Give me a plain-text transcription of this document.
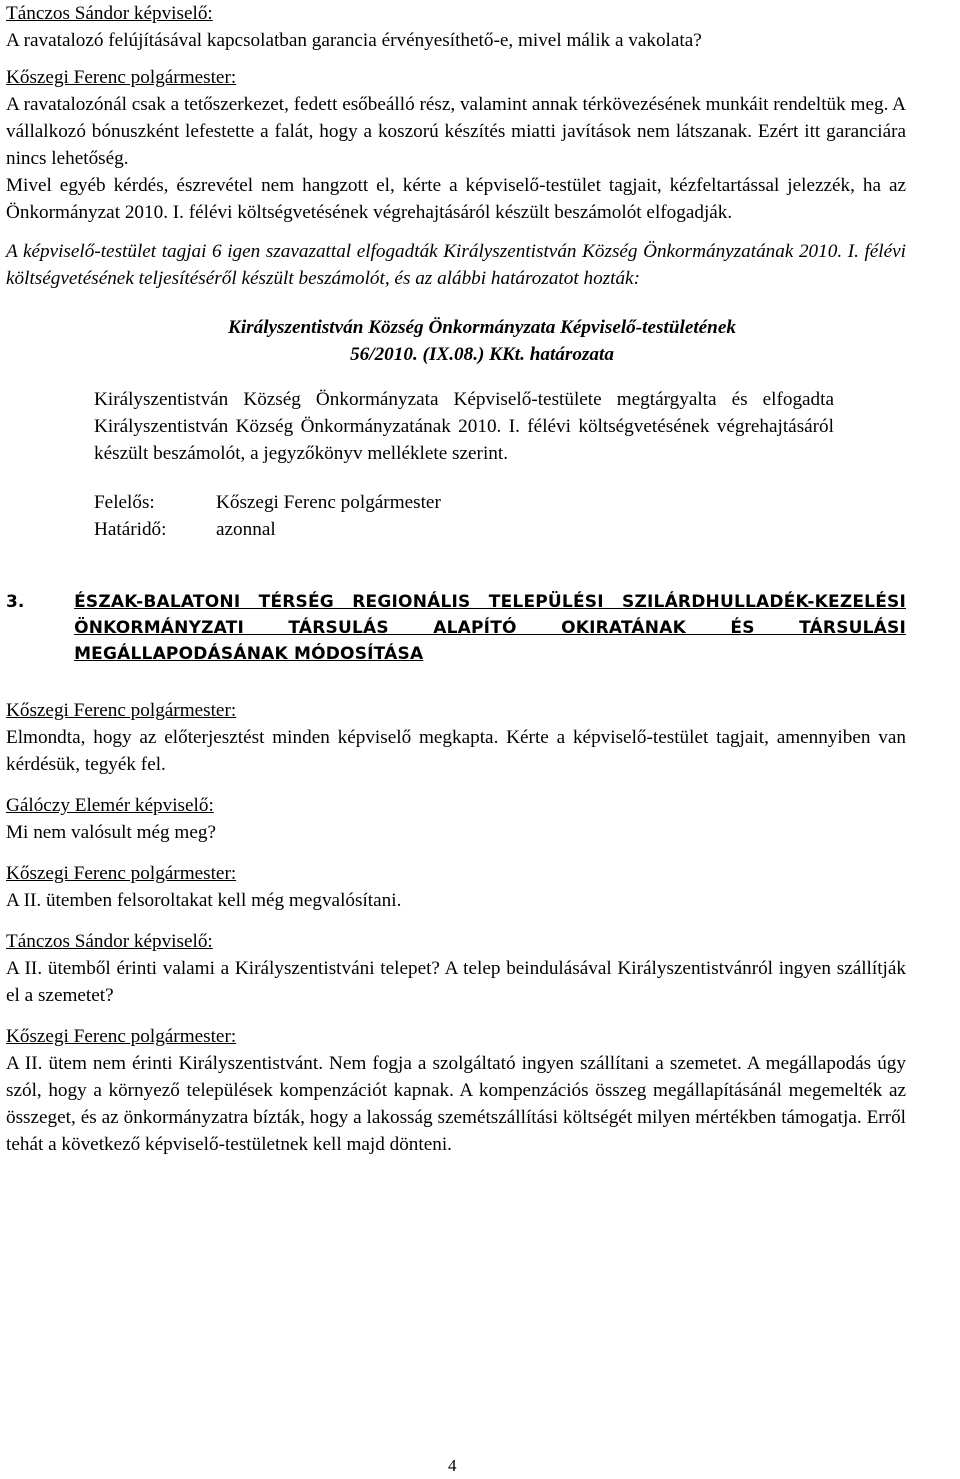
Tánczos Sándor képviselő:

A ravatalozó felújításával kapcsolatban garancia érvényesíthető-e, mivel málik a vakolata?

Kőszegi Ferenc polgármester:

A ravatalozónál csak a tetőszerkezet, fedett esőbeálló rész, valamint annak térkövezésének munkáit rendeltük meg. A vállalkozó bónuszként lefestette a falát, hogy a koszorú készítés miatti javítások nem látszanak. Ezért itt garanciára nincs lehetőség.

Mivel egyéb kérdés, észrevétel nem hangzott el, kérte a képviselő-testület tagjait, kézfeltartással jelezzék, ha az Önkormányzat 2010. I. félévi költségvetésének végrehajtásáról készült beszámolót elfogadják.

A képviselő-testület tagjai 6 igen szavazattal elfogadták Királyszentistván Község Önkormányzatának 2010. I. félévi költségvetésének teljesítéséről készült beszámolót, és az alábbi határozatot hozták:

Királyszentistván Község Önkormányzata Képviselő-testületének
56/2010. (IX.08.) KKt. határozata

Királyszentistván Község Önkormányzata Képviselő-testülete megtárgyalta és elfogadta Királyszentistván Község Önkormányzatának 2010. I. félévi költségvetésének végrehajtásáról készült beszámolót, a jegyzőkönyv melléklete szerint.

Felelős:	Kőszegi Ferenc polgármester
Határidő:	azonnal
3.	ÉSZAK-BALATONI TÉRSÉG REGIONÁLIS TELEPÜLÉSI SZILÁRDHULLADÉK-KEZELÉSI ÖNKORMÁNYZATI TÁRSULÁS ALAPÍTÓ OKIRATÁNAK ÉS TÁRSULÁSI MEGÁLLAPODÁSÁNAK MÓDOSÍTÁSA
Kőszegi Ferenc polgármester:

Elmondta, hogy az előterjesztést minden képviselő megkapta. Kérte a képviselő-testület tagjait, amennyiben van kérdésük, tegyék fel.

Gálóczy Elemér képviselő:

Mi nem valósult még meg?

Kőszegi Ferenc polgármester:

A II. ütemben felsoroltakat kell még megvalósítani.

Tánczos Sándor képviselő:

A II. ütemből érinti valami a Királyszentistváni telepet? A telep beindulásával Királyszentistvánról ingyen szállítják el a szemetet?

Kőszegi Ferenc polgármester:

A II. ütem nem érinti Királyszentistvánt. Nem fogja a szolgáltató ingyen szállítani a szemetet. A megállapodás úgy szól, hogy a környező települések kompenzációt kapnak. A kompenzációs összeg megállapításánál megemelték az összeget, és az önkormányzatra bízták, hogy a lakosság szemétszállítási költségét milyen mértékben támogatja. Erről tehát a következő képviselő-testületnek kell majd dönteni.

4
